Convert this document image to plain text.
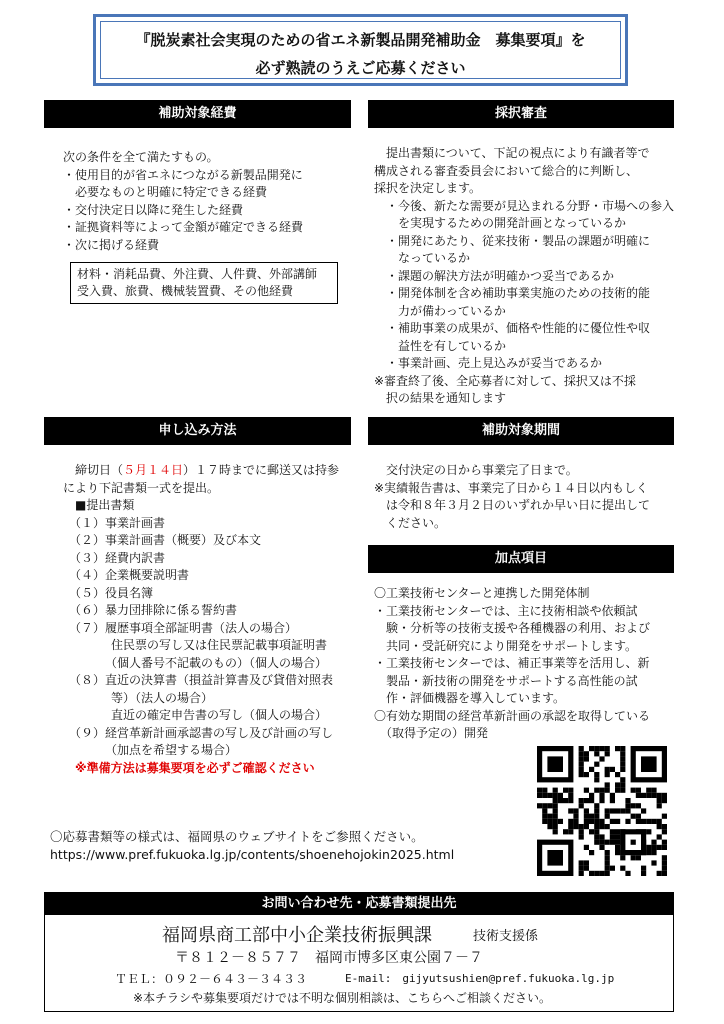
『脱炭素社会実現のための省エネ新製品開発補助金　募集要項』を
必ず熟読のうえご応募ください
補助対象経費
次の条件を全て満たすもの。
・使用目的が省エネにつながる新製品開発に
　必要なものと明確に特定できる経費
・交付決定日以降に発生した経費
・証拠資料等によって金額が確定できる経費
・次に掲げる経費
材料・消耗品費、外注費、人件費、外部講師
受入費、旅費、機械装置費、その他経費
採択審査
　提出書類について、下記の視点により有識者等で
構成される審査委員会において総合的に判断し、
採択を決定します。
　・今後、新たな需要が見込まれる分野・市場への参入
　　を実現するための開発計画となっているか
　・開発にあたり、従来技術・製品の課題が明確に
　　なっているか
　・課題の解決方法が明確かつ妥当であるか
　・開発体制を含め補助事業実施のための技術的能
　　力が備わっているか
　・補助事業の成果が、価格や性能的に優位性や収
　　益性を有しているか
　・事業計画、売上見込みが妥当であるか
※審査終了後、全応募者に対して、採択又は不採
　択の結果を通知します
申し込み方法
　締切日（５月１４日）１７時までに郵送又は持参
により下記書類一式を提出。
　■提出書類
　（１）事業計画書
　（２）事業計画書（概要）及び本文
　（３）経費内訳書
　（４）企業概要説明書
　（５）役員名簿
　（６）暴力団排除に係る誓約書
　（７）履歴事項全部証明書（法人の場合）
　　　　住民票の写し又は住民票記載事項証明書
　　　　（個人番号不記載のもの）（個人の場合）
　（８）直近の決算書（損益計算書及び貸借対照表
　　　　等）（法人の場合）
　　　　直近の確定申告書の写し（個人の場合）
　（９）経営革新計画承認書の写し及び計画の写し
　　　　（加点を希望する場合）
　※準備方法は募集要項を必ずご確認ください
補助対象期間
　交付決定の日から事業完了日まで。
※実績報告書は、事業完了日から１４日以内もしく
　は令和８年３月２日のいずれか早い日に提出して
　ください。
加点項目
〇工業技術センターと連携した開発体制
・工業技術センターでは、主に技術相談や依頼試
　験・分析等の技術支援や各種機器の利用、および
　共同・受託研究により開発をサポートします。
・工業技術センターでは、補正事業等を活用し、新
　製品・新技術の開発をサポートする高性能の試
　作・評価機器を導入しています。
〇有効な期間の経営革新計画の承認を取得している
　（取得予定の）開発
〇応募書類等の様式は、福岡県のウェブサイトをご参照ください。
https://www.pref.fukuoka.lg.jp/contents/shoenehojokin2025.html
お問い合わせ先・応募書類提出先
福岡県商工部中小企業技術振興課	技術支援係
〒８１２－８５７７　福岡市博多区東公園７－７
ＴＥＬ：０９２－６４３－３４３３	E-mail:　gijyutsushien@pref.fukuoka.lg.jp
※本チラシや募集要項だけでは不明な個別相談は、こちらへご相談ください。
